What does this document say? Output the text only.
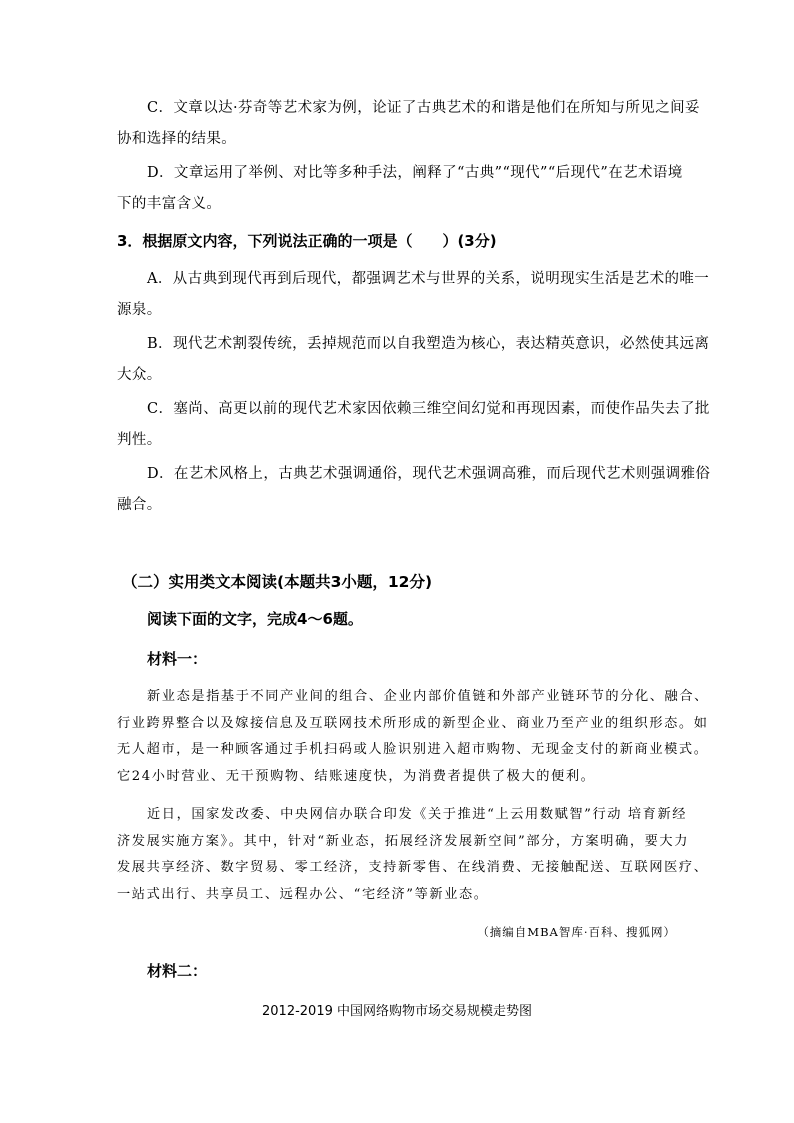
C．文章以达·芬奇等艺术家为例，论证了古典艺术的和谐是他们在所知与所见之间妥
协和选择的结果。
D．文章运用了举例、对比等多种手法，阐释了“古典”“现代”“后现代”在艺术语境
下的丰富含义。
3．根据原文内容，下列说法正确的一项是（　　）(3分)
A．从古典到现代再到后现代，都强调艺术与世界的关系，说明现实生活是艺术的唯一
源泉。
B．现代艺术割裂传统，丢掉规范而以自我塑造为核心，表达精英意识，必然使其远离
大众。
C．塞尚、高更以前的现代艺术家因依赖三维空间幻觉和再现因素，而使作品失去了批
判性。
D．在艺术风格上，古典艺术强调通俗，现代艺术强调高雅，而后现代艺术则强调雅俗
融合。
（二）实用类文本阅读(本题共3小题，12分)
阅读下面的文字，完成4～6题。
材料一：
新业态是指基于不同产业间的组合、企业内部价值链和外部产业链环节的分化、融合、
行业跨界整合以及嫁接信息及互联网技术所形成的新型企业、商业乃至产业的组织形态。如
无人超市，是一种顾客通过手机扫码或人脸识别进入超市购物、无现金支付的新商业模式。
它24小时营业、无干预购物、结账速度快，为消费者提供了极大的便利。
近日，国家发改委、中央网信办联合印发《关于推进“上云用数赋智”行动 培育新经
济发展实施方案》。其中，针对“新业态，拓展经济发展新空间”部分，方案明确，要大力
发展共享经济、数字贸易、零工经济，支持新零售、在线消费、无接触配送、互联网医疗、
一站式出行、共享员工、远程办公、“宅经济”等新业态。
（摘编自MBA智库·百科、搜狐网）
材料二：
2012-2019 中国网络购物市场交易规模走势图
